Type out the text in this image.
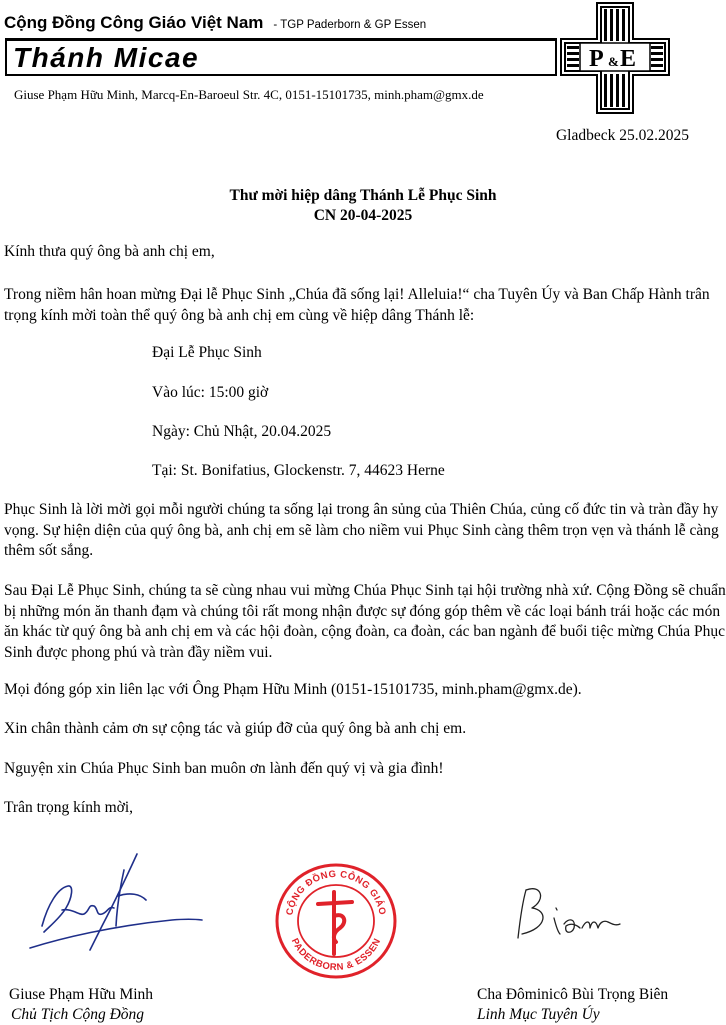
Cộng Đồng Công Giáo Việt Nam - TGP Paderborn & GP Essen
Thánh Micae
Giuse Phạm Hữu Minh, Marcq-En-Baroeul Str. 4C, 0151-15101735, minh.pham@gmx.de
P & E
Gladbeck 25.02.2025
Thư mời hiệp dâng Thánh Lễ Phục Sinh
CN 20-04-2025
Kính thưa quý ông bà anh chị em,
Trong niềm hân hoan mừng Đại lễ Phục Sinh „Chúa đã sống lại! Alleluia!“ cha Tuyên Úy và Ban Chấp Hành trân trọng kính mời toàn thể quý ông bà anh chị em cùng về hiệp dâng Thánh lễ:
Đại Lễ Phục Sinh
Vào lúc: 15:00 giờ
Ngày: Chủ Nhật, 20.04.2025
Tại: St. Bonifatius, Glockenstr. 7, 44623 Herne
Phục Sinh là lời mời gọi mỗi người chúng ta sống lại trong ân sủng của Thiên Chúa, củng cố đức tin và tràn đầy hy vọng. Sự hiện diện của quý ông bà, anh chị em sẽ làm cho niềm vui Phục Sinh càng thêm trọn vẹn và thánh lễ càng thêm sốt sắng.
Sau Đại Lễ Phục Sinh, chúng ta sẽ cùng nhau vui mừng Chúa Phục Sinh tại hội trường nhà xứ. Cộng Đồng sẽ chuẩn bị những món ăn thanh đạm và chúng tôi rất mong nhận được sự đóng góp thêm về các loại bánh trái hoặc các món ăn khác từ quý ông bà anh chị em và các hội đoàn, cộng đoàn, ca đoàn, các ban ngành để buổi tiệc mừng Chúa Phục Sinh được phong phú và tràn đầy niềm vui.
Mọi đóng góp xin liên lạc với Ông Phạm Hữu Minh (0151-15101735, minh.pham@gmx.de).
Xin chân thành cảm ơn sự cộng tác và giúp đỡ của quý ông bà anh chị em.
Nguyện xin Chúa Phục Sinh ban muôn ơn lành đến quý vị và gia đình!
Trân trọng kính mời,
CỘNG ĐỒNG CÔNG GIÁO
PADERBORN & ESSEN
Giuse Phạm Hữu Minh
Chủ Tịch Cộng Đồng
Cha Đôminicô Bùi Trọng Biên
Linh Mục Tuyên Úy
